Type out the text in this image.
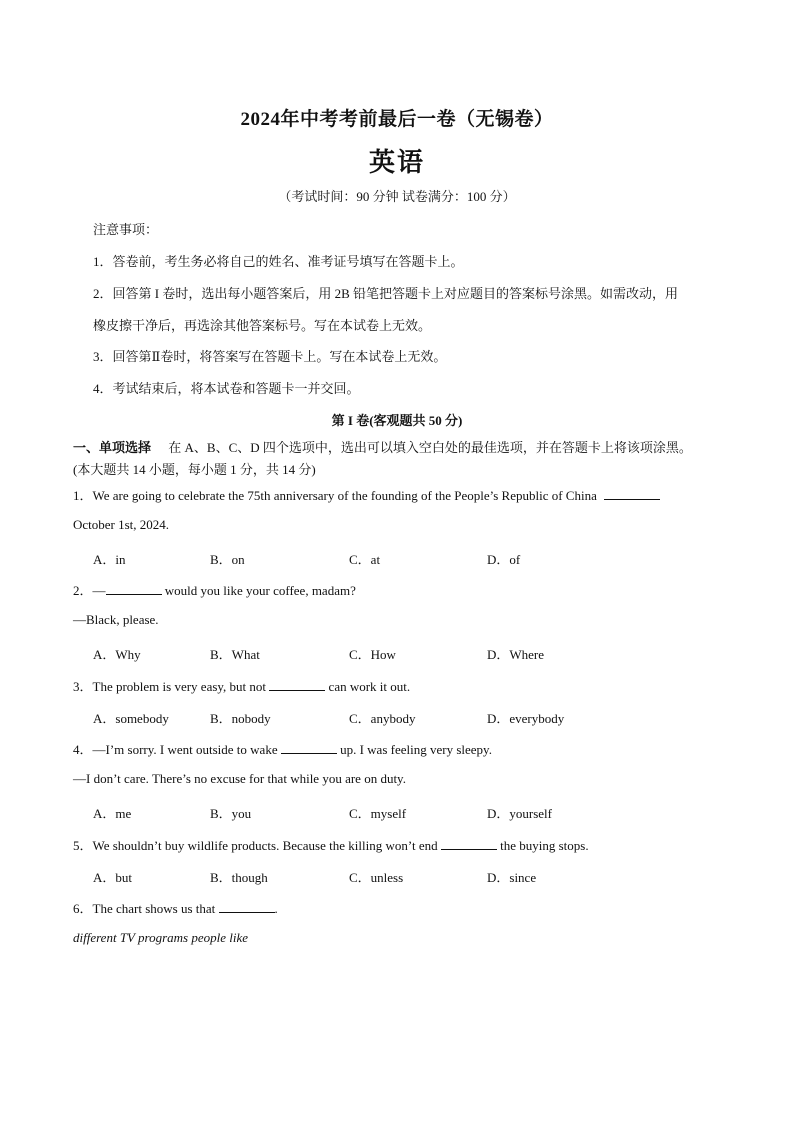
2024年中考考前最后一卷（无锡卷）
英语
（考试时间：90 分钟 试卷满分：100 分）
注意事项：
1．答卷前，考生务必将自己的姓名、准考证号填写在答题卡上。
2．回答第 I 卷时，选出每小题答案后，用 2B 铅笔把答题卡上对应题目的答案标号涂黑。如需改动，用
橡皮擦干净后，再选涂其他答案标号。写在本试卷上无效。
3．回答第Ⅱ卷时，将答案写在答题卡上。写在本试卷上无效。
4．考试结束后，将本试卷和答题卡一并交回。
第 I 卷(客观题共 50 分)
一、单项选择 在 A、B、C、D 四个选项中，选出可以填入空白处的最佳选项，并在答题卡上将该项涂黑。
(本大题共 14 小题，每小题 1 分，共 14 分)
1．We are going to celebrate the 75th anniversary of the founding of the People’s Republic of China
October 1st, 2024.
A．in	B．on	C．at	D．of
2．—	would you like your coffee, madam?
—Black, please.
A．Why	B．What	C．How	D．Where
3．The problem is very easy, but not	can work it out.
A．somebody	B．nobody	C．anybody	D．everybody
4．—I’m sorry. I went outside to wake	up. I was feeling very sleepy.
—I don’t care. There’s no excuse for that while you are on duty.
A．me	B．you	C．myself	D．yourself
5．We shouldn’t buy wildlife products. Because the killing won’t end	the buying stops.
A．but	B．though	C．unless	D．since
6．The chart shows us that	.
different TV programs people like
